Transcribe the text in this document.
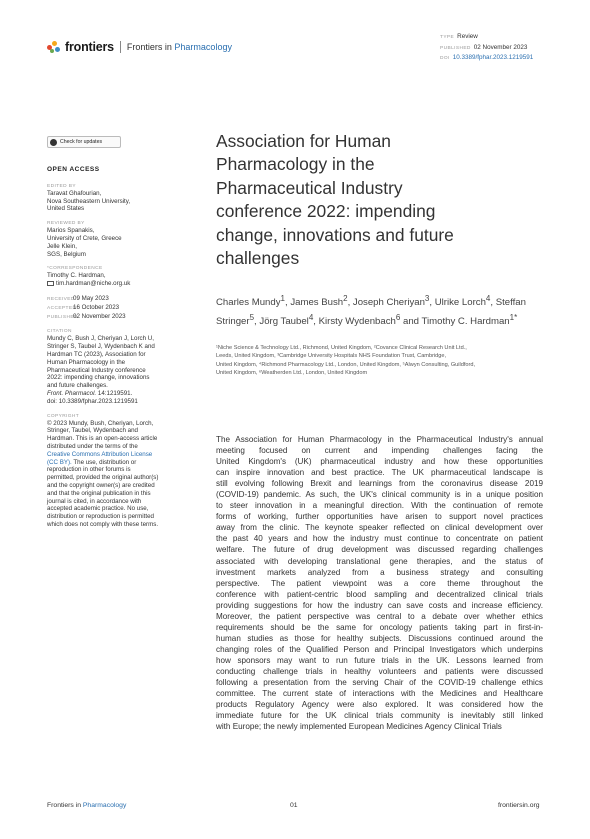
frontiers Frontiers in Pharmacology
TYPE Review
PUBLISHED 02 November 2023
DOI 10.3389/fphar.2023.1219591
Check for updates
OPEN ACCESS
EDITED BY
Taravat Ghafourian,
Nova Southeastern University,
United States
REVIEWED BY
Marios Spanakis,
University of Crete, Greece
Jelle Klein,
SGS, Belgium
*CORRESPONDENCE
Timothy C. Hardman,
tim.hardman@niche.org.uk
RECEIVED09 May 2023
ACCEPTED16 October 2023
PUBLISHED02 November 2023
CITATION
Mundy C, Bush J, Cheriyan J, Lorch U,
Stringer S, Taubel J, Wydenbach K and
Hardman TC (2023), Association for
Human Pharmacology in the
Pharmaceutical Industry conference
2022: impending change, innovations
and future challenges.
Front. Pharmacol. 14:1219591.
doi: 10.3389/fphar.2023.1219591
COPYRIGHT
© 2023 Mundy, Bush, Cheriyan, Lorch,
Stringer, Taubel, Wydenbach and
Hardman. This is an open-access article
distributed under the terms of the
Creative Commons Attribution License
(CC BY). The use, distribution or
reproduction in other forums is
permitted, provided the original author(s)
and the copyright owner(s) are credited
and that the original publication in this
journal is cited, in accordance with
accepted academic practice. No use,
distribution or reproduction is permitted
which does not comply with these terms.
Association for Human
Pharmacology in the
Pharmaceutical Industry
conference 2022: impending
change, innovations and future
challenges
Charles Mundy$^1$, James Bush$^2$, Joseph Cheriyan$^3$, Ulrike Lorch$^4$, Steffan Stringer$^5$, Jörg Taubel$^4$, Kirsty Wydenbach$^6$ and Timothy C. Hardman$^{1*}$
¹Niche Science & Technology Ltd., Richmond, United Kingdom, ²Covance Clinical Research Unit Ltd.,
Leeds, United Kingdom, ³Cambridge University Hospitals NHS Foundation Trust, Cambridge,
United Kingdom, ⁴Richmond Pharmacology Ltd., London, United Kingdom, ⁵Alwyn Consulting, Guildford,
United Kingdom, ⁶Weatherden Ltd., London, United Kingdom
The Association for Human Pharmacology in the Pharmaceutical Industry's annual
meeting focused on current and impending challenges facing the
United Kingdom's (UK) pharmaceutical industry and how these opportunities
can inspire innovation and best practice. The UK pharmaceutical landscape is
still evolving following Brexit and learnings from the coronavirus disease 2019
(COVID-19) pandemic. As such, the UK's clinical community is in a unique position
to steer innovation in a meaningful direction. With the continuation of remote
forms of working, further opportunities have arisen to support novel practices
away from the clinic. The keynote speaker reflected on clinical development over
the past 40 years and how the industry must continue to concentrate on patient
welfare. The future of drug development was discussed regarding challenges
associated with developing translational gene therapies, and the status of
investment markets analyzed from a business strategy and consulting
perspective. The patient viewpoint was a core theme throughout the
conference with patient-centric blood sampling and decentralized clinical trials
providing suggestions for how the industry can save costs and increase efficiency.
Moreover, the patient perspective was central to a debate over whether ethics
requirements should be the same for oncology patients taking part in first-in-
human studies as those for healthy subjects. Discussions continued around the
changing roles of the Qualified Person and Principal Investigators which underpins
how sponsors may want to run future trials in the UK. Lessons learned from
conducting challenge trials in healthy volunteers and patients were discussed
following a presentation from the serving Chair of the COVID-19 challenge ethics
committee. The current state of interactions with the Medicines and Healthcare
products Regulatory Agency were also explored. It was considered how the
immediate future for the UK clinical trials community is inevitably still linked
with Europe; the newly implemented European Medicines Agency Clinical Trials
Frontiers in Pharmacology	01	frontiersin.org
